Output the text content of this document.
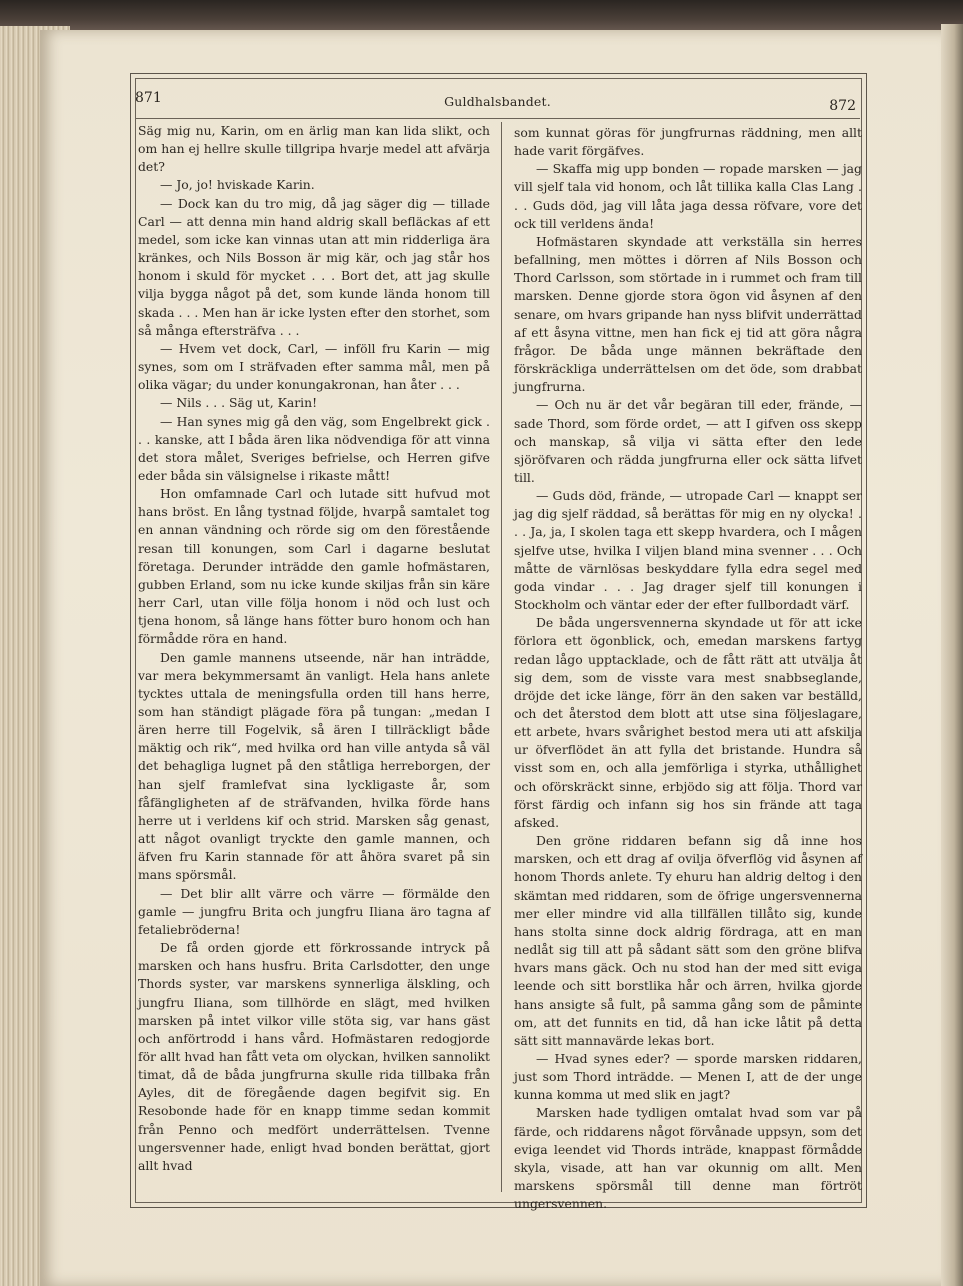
871	Guldhalsbandet.	872

Säg mig nu, Karin, om en ärlig man kan lida slikt, och om han ej hellre skulle tillgripa hvarje medel att afvärja det?

— Jo, jo! hviskade Karin.

— Dock kan du tro mig, då jag säger dig — tillade Carl — att denna min hand aldrig skall befläckas af ett medel, som icke kan vinnas utan att min ridderliga ära kränkes, och Nils Bosson är mig kär, och jag står hos honom i skuld för mycket . . . Bort det, att jag skulle vilja bygga något på det, som kunde lända honom till skada . . . Men han är icke lysten efter den storhet, som så många eftersträfva . . .

— Hvem vet dock, Carl, — inföll fru Karin — mig synes, som om I sträfvaden efter samma mål, men på olika vägar; du under konungakronan, han åter . . .

— Nils . . . Säg ut, Karin!

— Han synes mig gå den väg, som Engelbrekt gick . . . kanske, att I båda ären lika nödvendiga för att vinna det stora målet, Sveriges befrielse, och Herren gifve eder båda sin välsignelse i rikaste mått!

Hon omfamnade Carl och lutade sitt hufvud mot hans bröst. En lång tystnad följde, hvarpå samtalet tog en annan vändning och rörde sig om den förestående resan till konungen, som Carl i dagarne beslutat företaga. Derunder inträdde den gamle hofmästaren, gubben Erland, som nu icke kunde skiljas från sin käre herr Carl, utan ville följa honom i nöd och lust och tjena honom, så länge hans fötter buro honom och han förmådde röra en hand.

Den gamle mannens utseende, när han inträdde, var mera bekymmersamt än vanligt. Hela hans anlete tycktes uttala de meningsfulla orden till hans herre, som han ständigt plägade föra på tungan: „medan I ären herre till Fogelvik, så ären I tillräckligt både mäktig och rik“, med hvilka ord han ville antyda så väl det behagliga lugnet på den ståtliga herreborgen, der han sjelf framlefvat sina lyckligaste år, som fåfängligheten af de sträfvanden, hvilka förde hans herre ut i verldens kif och strid. Marsken såg genast, att något ovanligt tryckte den gamle mannen, och äfven fru Karin stannade för att åhöra svaret på sin mans spörsmål.

— Det blir allt värre och värre — förmälde den gamle — jungfru Brita och jungfru Iliana äro tagna af fetaliebröderna!

De få orden gjorde ett förkrossande intryck på marsken och hans husfru. Brita Carlsdotter, den unge Thords syster, var marskens synnerliga älskling, och jungfru Iliana, som tillhörde en slägt, med hvilken marsken på intet vilkor ville stöta sig, var hans gäst och anförtrodd i hans vård. Hofmästaren redogjorde för allt hvad han fått veta om olyckan, hvilken sannolikt timat, då de båda jungfrurna skulle rida tillbaka från Ayles, dit de föregående dagen begifvit sig. En Resobonde hade för en knapp timme sedan kommit från Penno och medfört underrättelsen. Tvenne ungersvenner hade, enligt hvad bonden berättat, gjort allt hvad

som kunnat göras för jungfrurnas räddning, men allt hade varit förgäfves.

— Skaffa mig upp bonden — ropade marsken — jag vill sjelf tala vid honom, och låt tillika kalla Clas Lang . . . Guds död, jag vill låta jaga dessa röfvare, vore det ock till verldens ända!

Hofmästaren skyndade att verkställa sin herres befallning, men möttes i dörren af Nils Bosson och Thord Carlsson, som störtade in i rummet och fram till marsken. Denne gjorde stora ögon vid åsynen af den senare, om hvars gripande han nyss blifvit underrättad af ett åsyna vittne, men han fick ej tid att göra några frågor. De båda unge männen bekräftade den förskräckliga underrättelsen om det öde, som drabbat jungfrurna.

— Och nu är det vår begäran till eder, frände, — sade Thord, som förde ordet, — att I gifven oss skepp och manskap, så vilja vi sätta efter den lede sjöröfvaren och rädda jungfrurna eller ock sätta lifvet till.

— Guds död, frände, — utropade Carl — knappt ser jag dig sjelf räddad, så berättas för mig en ny olycka! . . . Ja, ja, I skolen taga ett skepp hvardera, och I mågen sjelfve utse, hvilka I viljen bland mina svenner . . . Och måtte de värnlösas beskyddare fylla edra segel med goda vindar . . . Jag drager sjelf till konungen i Stockholm och väntar eder der efter fullbordadt värf.

De båda ungersvennerna skyndade ut för att icke förlora ett ögonblick, och, emedan marskens fartyg redan lågo upptacklade, och de fått rätt att utvälja åt sig dem, som de visste vara mest snabbseglande, dröjde det icke länge, förr än den saken var beställd, och det återstod dem blott att utse sina följeslagare, ett arbete, hvars svårighet bestod mera uti att afskilja ur öfverflödet än att fylla det bristande. Hundra så visst som en, och alla jemförliga i styrka, uthållighet och oförskräckt sinne, erbjödo sig att följa. Thord var först färdig och infann sig hos sin frände att taga afsked.

Den gröne riddaren befann sig då inne hos marsken, och ett drag af ovilja öfverflög vid åsynen af honom Thords anlete. Ty ehuru han aldrig deltog i den skämtan med riddaren, som de öfrige ungersvennerna mer eller mindre vid alla tillfällen tillåto sig, kunde hans stolta sinne dock aldrig fördraga, att en man nedlåt sig till att på sådant sätt som den gröne blifva hvars mans gäck. Och nu stod han der med sitt eviga leende och sitt borstlika hår och ärren, hvilka gjorde hans ansigte så fult, på samma gång som de påminte om, att det funnits en tid, då han icke låtit på detta sätt sitt mannavärde lekas bort.

— Hvad synes eder? — sporde marsken riddaren, just som Thord inträdde. — Menen I, att de der unge kunna komma ut med slik en jagt?

Marsken hade tydligen omtalat hvad som var på färde, och riddarens något förvånade uppsyn, som det eviga leendet vid Thords inträde, knappast förmådde skyla, visade, att han var okunnig om allt. Men marskens spörsmål till denne man förtröt ungersvennen.
